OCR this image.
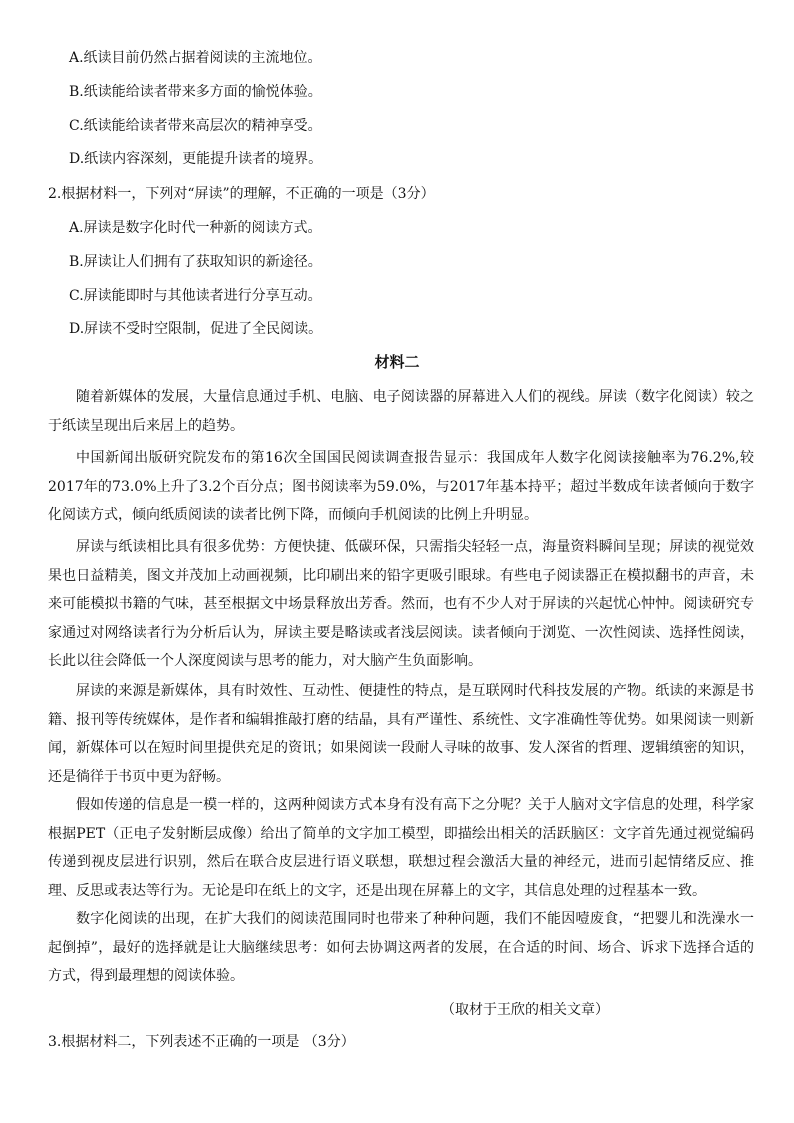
A.纸读目前仍然占据着阅读的主流地位。
B.纸读能给读者带来多方面的愉悦体验。
C.纸读能给读者带来高层次的精神享受。
D.纸读内容深刻，更能提升读者的境界。
2.根据材料一，下列对“屏读”的理解，不正确的一项是（3分）
A.屏读是数字化时代一种新的阅读方式。
B.屏读让人们拥有了获取知识的新途径。
C.屏读能即时与其他读者进行分享互动。
D.屏读不受时空限制，促进了全民阅读。
材料二
随着新媒体的发展，大量信息通过手机、电脑、电子阅读器的屏幕进入人们的视线。屏读（数字化阅读）较之于纸读呈现出后来居上的趋势。
中国新闻出版研究院发布的第16次全国国民阅读调查报告显示：我国成年人数字化阅读接触率为76.2%,较2017年的73.0%上升了3.2个百分点；图书阅读率为59.0%，与2017年基本持平；超过半数成年读者倾向于数字化阅读方式，倾向纸质阅读的读者比例下降，而倾向手机阅读的比例上升明显。
屏读与纸读相比具有很多优势：方便快捷、低碳环保，只需指尖轻轻一点，海量资料瞬间呈现；屏读的视觉效果也日益精美，图文并茂加上动画视频，比印刷出来的铅字更吸引眼球。有些电子阅读器正在模拟翻书的声音，未来可能模拟书籍的气味，甚至根据文中场景释放出芳香。然而，也有不少人对于屏读的兴起忧心忡忡。阅读研究专家通过对网络读者行为分析后认为，屏读主要是略读或者浅层阅读。读者倾向于浏览、一次性阅读、选择性阅读，长此以往会降低一个人深度阅读与思考的能力，对大脑产生负面影响。
屏读的来源是新媒体，具有时效性、互动性、便捷性的特点，是互联网时代科技发展的产物。纸读的来源是书籍、报刊等传统媒体，是作者和编辑推敲打磨的结晶，具有严谨性、系统性、文字准确性等优势。如果阅读一则新闻，新媒体可以在短时间里提供充足的资讯；如果阅读一段耐人寻味的故事、发人深省的哲理、逻辑缜密的知识，还是徜徉于书页中更为舒畅。
假如传递的信息是一模一样的，这两种阅读方式本身有没有高下之分呢？关于人脑对文字信息的处理，科学家根据PET（正电子发射断层成像）给出了简单的文字加工模型，即描绘出相关的活跃脑区：文字首先通过视觉编码传递到视皮层进行识别，然后在联合皮层进行语义联想，联想过程会激活大量的神经元，进而引起情绪反应、推理、反思或表达等行为。无论是印在纸上的文字，还是出现在屏幕上的文字，其信息处理的过程基本一致。
数字化阅读的出现，在扩大我们的阅读范围同时也带来了种种问题，我们不能因噎废食，“把婴儿和洗澡水一起倒掉”，最好的选择就是让大脑继续思考：如何去协调这两者的发展，在合适的时间、场合、诉求下选择合适的方式，得到最理想的阅读体验。
（取材于王欣的相关文章）
3.根据材料二，下列表述不正确的一项是 （3分）
